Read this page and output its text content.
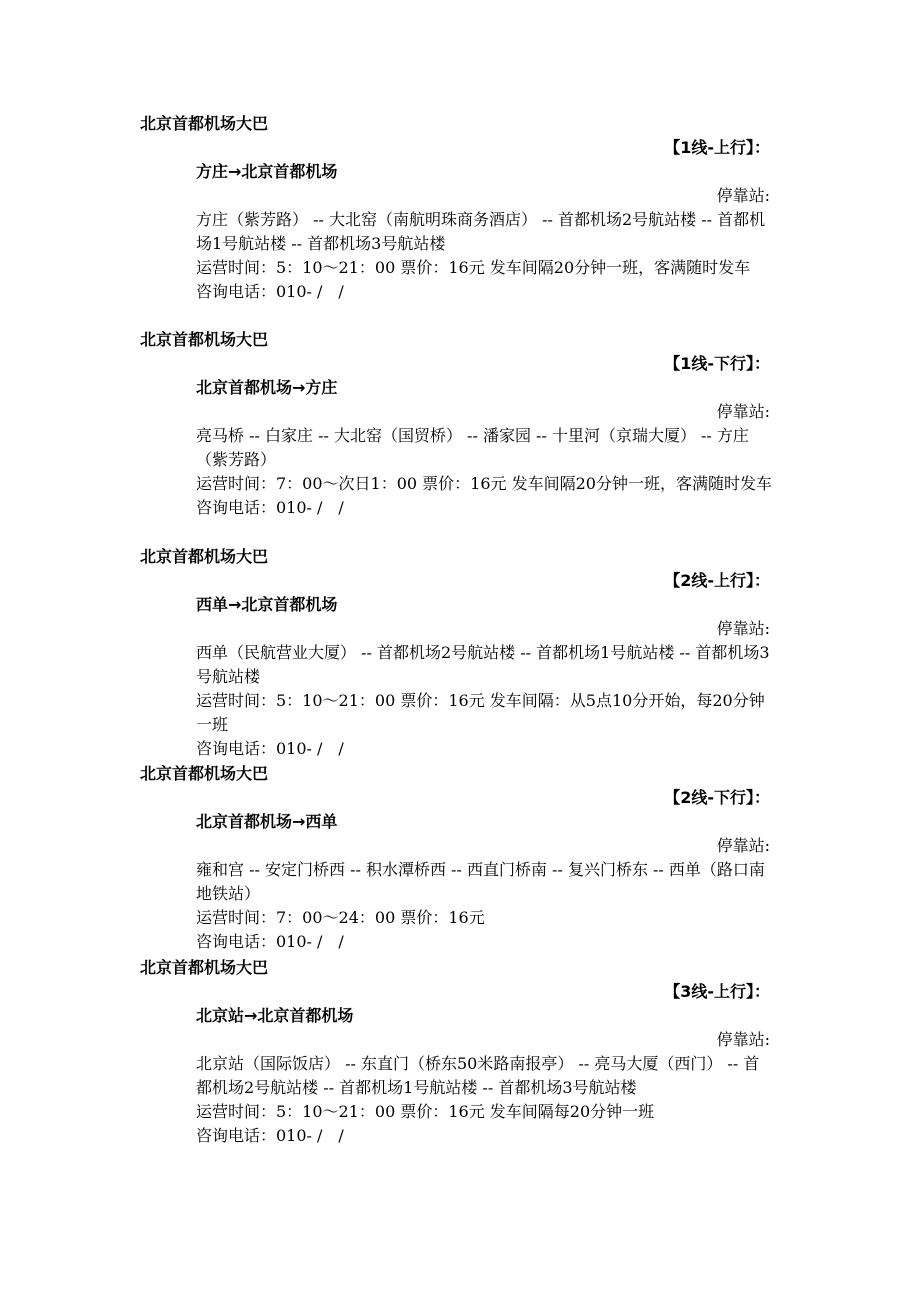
北京首都机场大巴
【1线-上行】：
方庄→北京首都机场
停靠站:

方庄（紫芳路） -- 大北窑（南航明珠商务酒店） -- 首都机场2号航站楼 -- 首都机场1号航站楼 -- 首都机场3号航站楼

运营时间：5：10～21：00 票价：16元 发车间隔20分钟一班，客满随时发车

咨询电话：010- /　/

北京首都机场大巴
【1线-下行】：
北京首都机场→方庄
停靠站:

亮马桥 -- 白家庄 -- 大北窑（国贸桥） -- 潘家园 -- 十里河（京瑞大厦） -- 方庄（紫芳路）

运营时间：7：00～次日1：00 票价：16元 发车间隔20分钟一班，客满随时发车

咨询电话：010- /　/

北京首都机场大巴
【2线-上行】：
西单→北京首都机场
停靠站:

西单（民航营业大厦） -- 首都机场2号航站楼 -- 首都机场1号航站楼 -- 首都机场3号航站楼

运营时间：5：10～21：00 票价：16元 发车间隔：从5点10分开始，每20分钟一班

咨询电话：010- /　/

北京首都机场大巴
【2线-下行】：
北京首都机场→西单
停靠站:

雍和宫 -- 安定门桥西 -- 积水潭桥西 -- 西直门桥南 -- 复兴门桥东 -- 西单（路口南地铁站）

运营时间：7：00～24：00 票价：16元

咨询电话：010- /　/

北京首都机场大巴
【3线-上行】：
北京站→北京首都机场
停靠站:

北京站（国际饭店） -- 东直门（桥东50米路南报亭） -- 亮马大厦（西门） -- 首都机场2号航站楼 -- 首都机场1号航站楼 -- 首都机场3号航站楼

运营时间：5：10～21：00 票价：16元 发车间隔每20分钟一班

咨询电话：010- /　/
